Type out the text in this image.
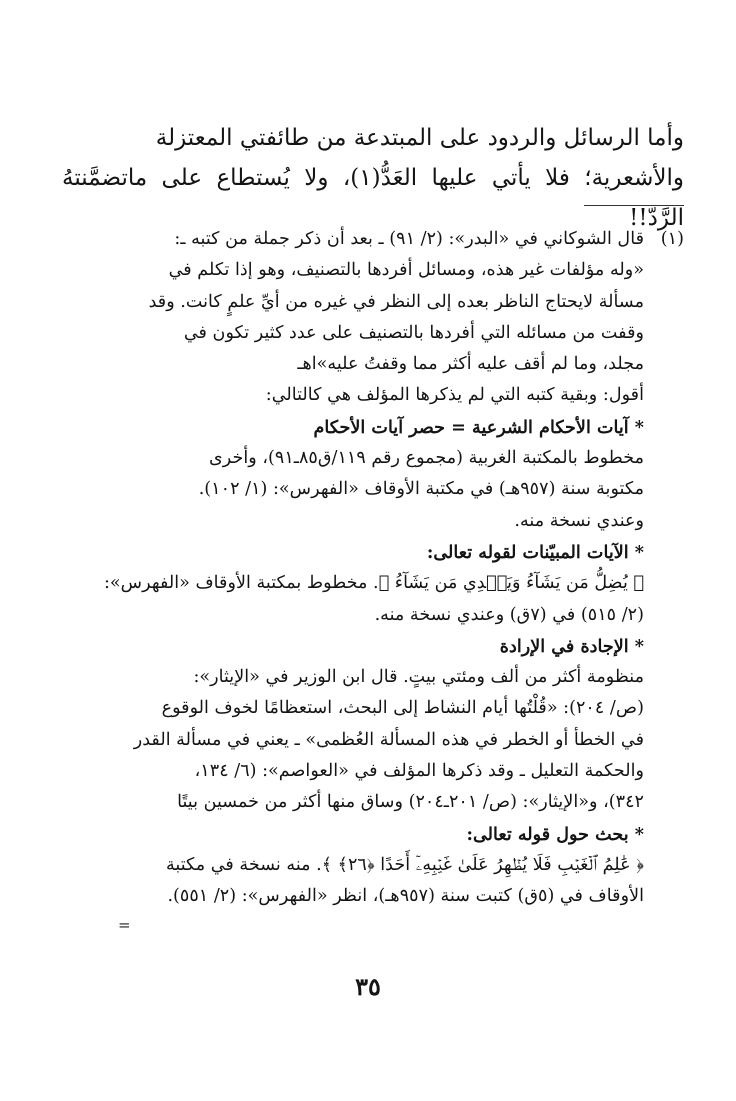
وأما الرسائل والردود على المبتدعة من طائفتي المعتزلة

والأشعرية؛ فلا يأتي عليها العَدُّ(١)، ولا يُستطاع على ماتضمَّنتهُ الرَّدّ!!

(١)قال الشوكاني في «البدر»: (٢/ ٩١) ـ بعد أن ذكر جملة من كتبه ـ:

«وله مؤلفات غير هذه، ومسائل أفردها بالتصنيف، وهو إذا تكلم في

مسألة لايحتاج الناظر بعده إلى النظر في غيره من أيِّ علمٍ كانت. وقد

وقفت من مسائله التي أفردها بالتصنيف على عدد كثير تكون في

مجلد، وما لم أقف عليه أكثر مما وقفتُ عليه»اهـ

أقول: وبقية كتبه التي لم يذكرها المؤلف هي كالتالي:

* آيات الأحكام الشرعية = حصر آيات الأحكام

مخطوط بالمكتبة الغربية (مجموع رقم ١١٩/ق٨٥ـ٩١)، وأخرى

مكتوبة سنة (٩٥٧هـ) في مكتبة الأوقاف «الفهرس»: (١/ ١٠٢).

وعندي نسخة منه.

* الآيات المبيّنات لقوله تعالى:

﴿ يُضِلُّ مَن يَشَآءُ وَيَهۡدِي مَن يَشَآءُ ﴾. مخطوط بمكتبة الأوقاف «الفهرس»:

(٢/ ٥١٥) في (٧ق) وعندي نسخة منه.

* الإجادة في الإرادة

منظومة أكثر من ألف ومئتي بيتٍ. قال ابن الوزير في «الإيثار»:

(ص/ ٢٠٤): «قُلْتُها أيام النشاط إلى البحث، استعظامًا لخوف الوقوع

في الخطأ أو الخطر في هذه المسألة العُظمى» ـ يعني في مسألة القدر

والحكمة التعليل ـ وقد ذكرها المؤلف في «العواصم»: (٦/ ١٣٤،

٣٤٢)، و«الإيثار»: (ص/ ٢٠١ـ٢٠٤) وساق منها أكثر من خمسين بيتًا

* بحث حول قوله تعالى:

﴿ عَٰلِمُ ٱلۡغَيۡبِ فَلَا يُظۡهِرُ عَلَىٰ غَيۡبِهِۦٓ أَحَدًا ﴿٢٦﴾ ﴾. منه نسخة في مكتبة

الأوقاف في (٥ق) كتبت سنة (٩٥٧هـ)، انظر «الفهرس»: (٢/ ٥٥١).

=
٣٥
